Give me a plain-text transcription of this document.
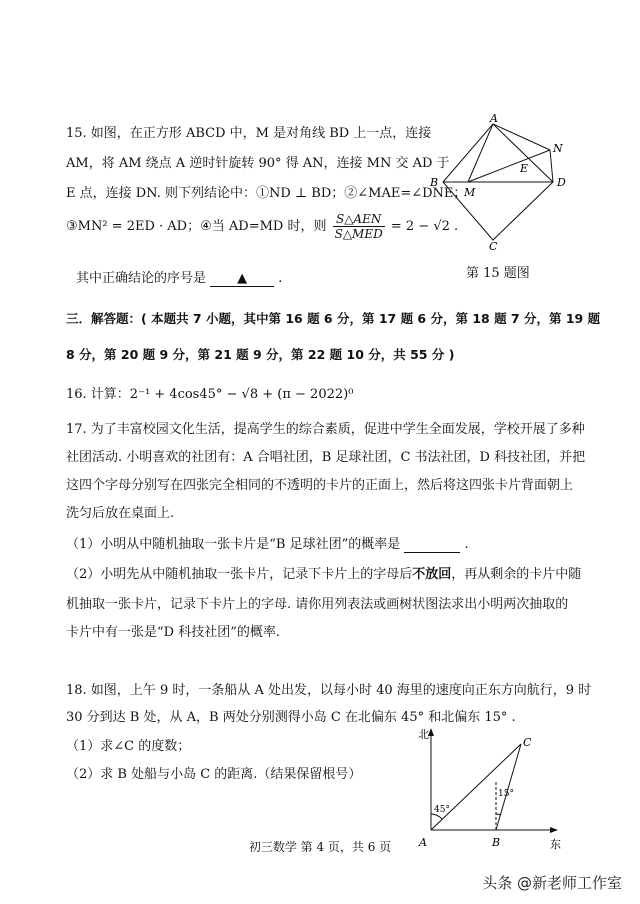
15. 如图，在正方形 ABCD 中，M 是对角线 BD 上一点，连接
AM，将 AM 绕点 A 逆时针旋转 90° 得 AN，连接 MN 交 AD 于
E 点，连接 DN. 则下列结论中：①ND ⊥ BD；②∠MAE=∠DNE；
③MN² = 2ED · AD；④当 AD=MD 时，则 $\frac{\text{S△AEN}}{\text{S△MED}} = 2 - √2$ .
其中正确结论的序号是 ▲ .
A
B
C
D
M
N
E
第 15 题图
三．解答题：( 本题共 7 小题，其中第 16 题 6 分，第 17 题 6 分，第 18 题 7 分，第 19 题
8 分，第 20 题 9 分，第 21 题 9 分，第 22 题 10 分，共 55 分 )
16. 计算：2⁻¹ + 4cos45° − √8 + (π − 2022)⁰
17. 为了丰富校园文化生活，提高学生的综合素质，促进中学生全面发展，学校开展了多种
社团活动. 小明喜欢的社团有：A 合唱社团，B 足球社团，C 书法社团，D 科技社团，并把
这四个字母分别写在四张完全相同的不透明的卡片的正面上，然后将这四张卡片背面朝上
洗匀后放在桌面上.
（1）小明从中随机抽取一张卡片是“B 足球社团”的概率是	.
（2）小明先从中随机抽取一张卡片，记录下卡片上的字母后不放回，再从剩余的卡片中随
机抽取一张卡片，记录下卡片上的字母. 请你用列表法或画树状图法求出小明两次抽取的
卡片中有一张是“D 科技社团”的概率.
18. 如图，上午 9 时，一条船从 A 处出发，以每小时 40 海里的速度向正东方向航行，9 时
30 分到达 B 处，从 A，B 两处分别测得小岛 C 在北偏东 45° 和北偏东 15° .
（1）求∠C 的度数；
（2）求 B 处船与小岛 C 的距离.（结果保留根号）
北
东
A	B
C
45°
15°
初三数学 第 4 页，共 6 页
头条 @新老师工作室
